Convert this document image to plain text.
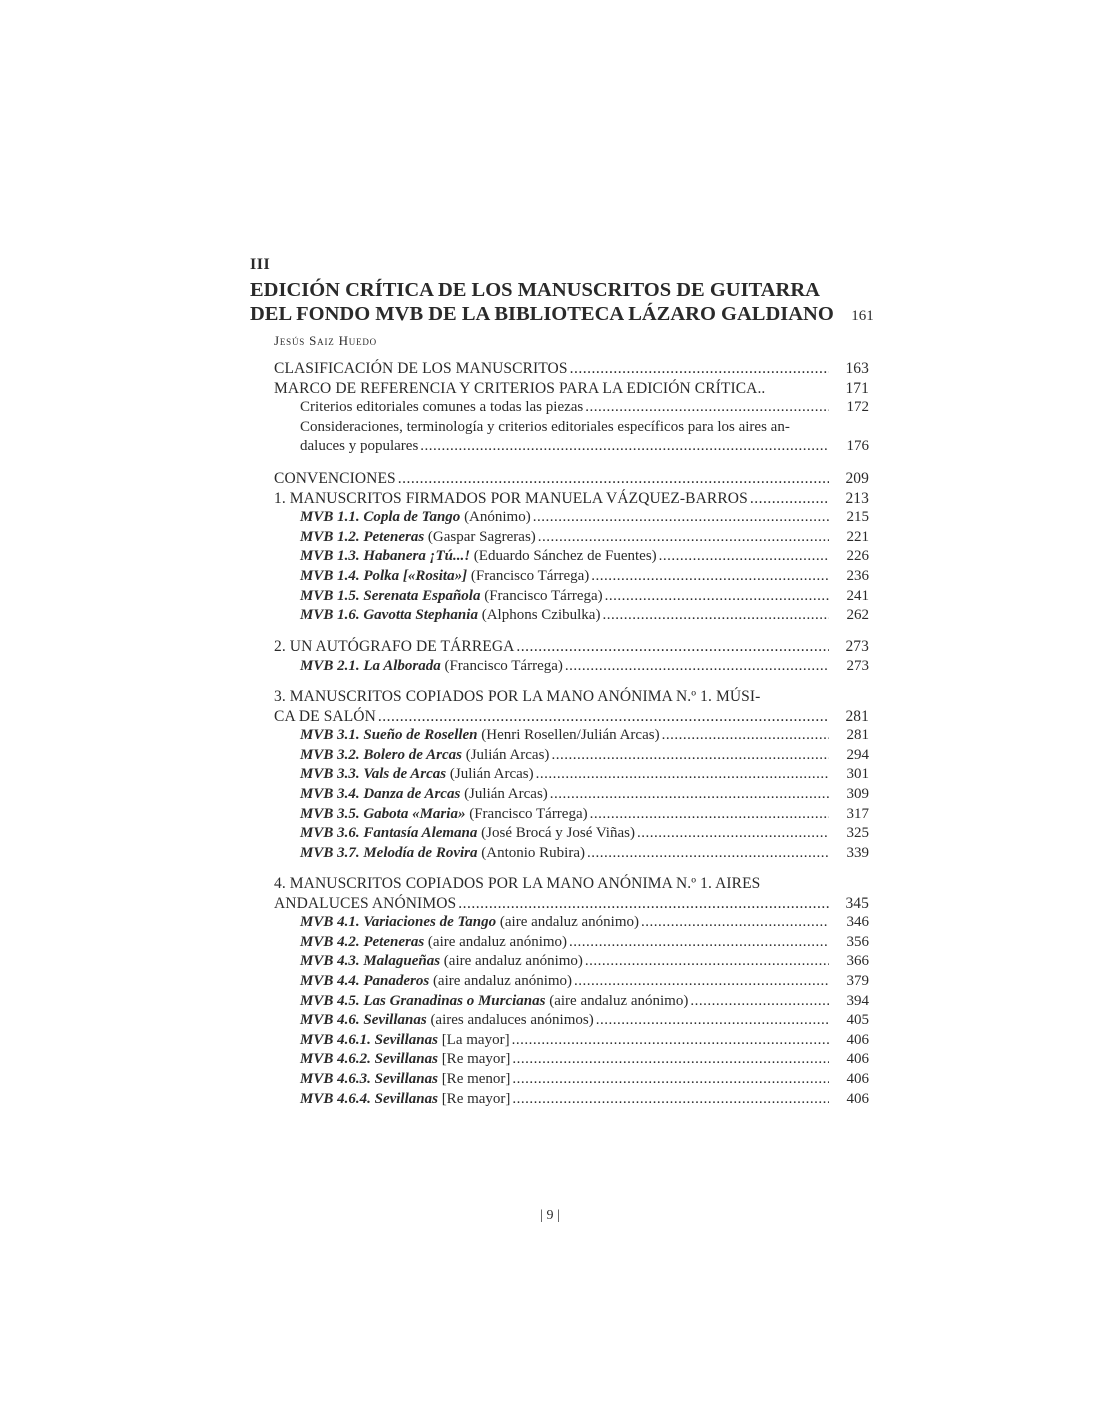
III
EDICIÓN CRÍTICA DE LOS MANUSCRITOS DE GUITARRA
DEL FONDO MVB DE LA BIBLIOTECA LÁZARO GALDIANO	161
Jesús Saiz Huedo
CLASIFICACIÓN DE LOS MANUSCRITOS .....	163
MARCO DE REFERENCIA Y CRITERIOS PARA LA EDICIÓN CRÍTICA..	171
Criterios editoriales comunes a todas las piezas .....	172
Consideraciones, terminología y criterios editoriales específicos para los aires an-
daluces y populares .....	176
CONVENCIONES .....	209
1. MANUSCRITOS FIRMADOS POR MANUELA VÁZQUEZ-BARROS .....	213
MVB 1.1. Copla de Tango (Anónimo) .....	215
MVB 1.2. Peteneras (Gaspar Sagreras) .....	221
MVB 1.3. Habanera ¡Tú...! (Eduardo Sánchez de Fuentes) .....	226
MVB 1.4. Polka [«Rosita»] (Francisco Tárrega) .....	236
MVB 1.5. Serenata Española (Francisco Tárrega) .....	241
MVB 1.6. Gavotta Stephania (Alphons Czibulka) .....	262
2. UN AUTÓGRAFO DE TÁRREGA .....	273
MVB 2.1. La Alborada (Francisco Tárrega) .....	273
3. MANUSCRITOS COPIADOS POR LA MANO ANÓNIMA N.º 1. MÚSI-
CA DE SALÓN .....	281
MVB 3.1. Sueño de Rosellen (Henri Rosellen/Julián Arcas) .....	281
MVB 3.2. Bolero de Arcas (Julián Arcas) .....	294
MVB 3.3. Vals de Arcas (Julián Arcas) .....	301
MVB 3.4. Danza de Arcas (Julián Arcas) .....	309
MVB 3.5. Gabota «Maria» (Francisco Tárrega) .....	317
MVB 3.6. Fantasía Alemana (José Brocá y José Viñas) .....	325
MVB 3.7. Melodía de Rovira (Antonio Rubira) .....	339
4. MANUSCRITOS COPIADOS POR LA MANO ANÓNIMA N.º 1. AIRES
ANDALUCES ANÓNIMOS .....	345
MVB 4.1. Variaciones de Tango (aire andaluz anónimo) .....	346
MVB 4.2. Peteneras (aire andaluz anónimo) .....	356
MVB 4.3. Malagueñas (aire andaluz anónimo) .....	366
MVB 4.4. Panaderos (aire andaluz anónimo) .....	379
MVB 4.5. Las Granadinas o Murcianas (aire andaluz anónimo) .....	394
MVB 4.6. Sevillanas (aires andaluces anónimos) .....	405
MVB 4.6.1. Sevillanas [La mayor] .....	406
MVB 4.6.2. Sevillanas [Re mayor] .....	406
MVB 4.6.3. Sevillanas [Re menor] .....	406
MVB 4.6.4. Sevillanas [Re mayor] .....	406
| 9 |
